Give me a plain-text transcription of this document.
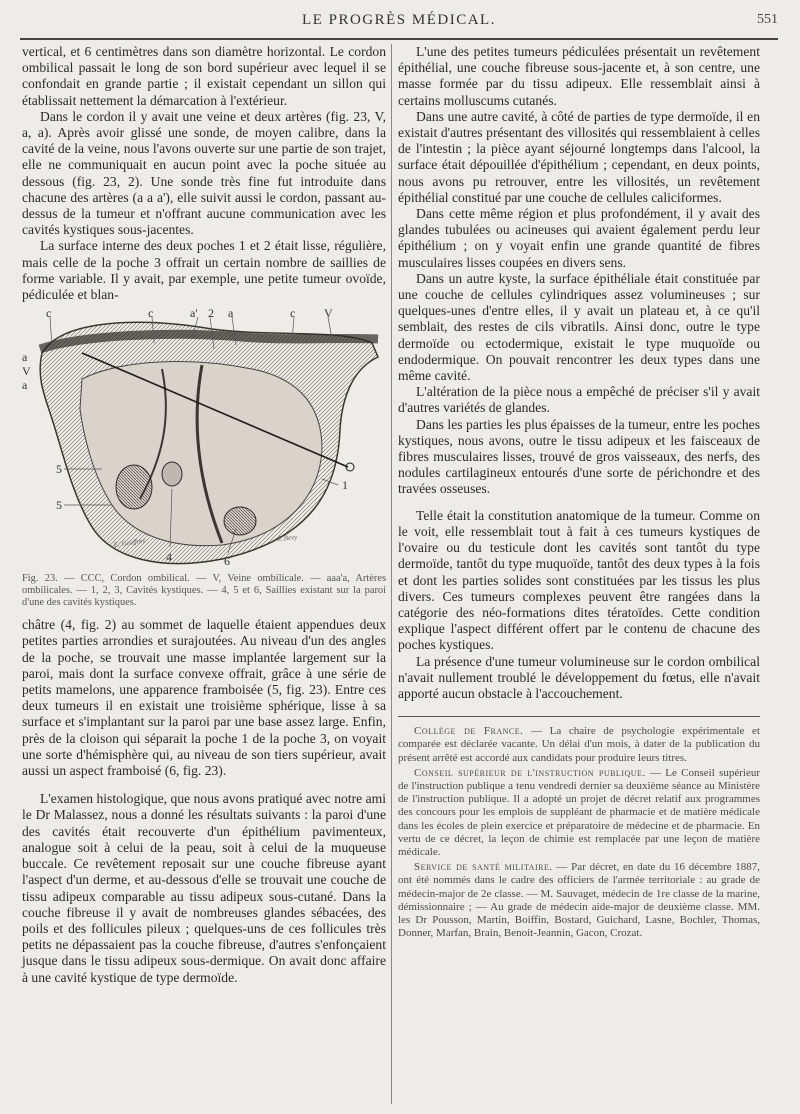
LE PROGRÈS MÉDICAL.	551

vertical, et 6 centimètres dans son diamètre horizontal. Le cordon ombilical passait le long de son bord supérieur avec lequel il se confondait en grande partie ; il existait cependant un sillon qui établissait nettement la démarcation à l'extérieur.

Dans le cordon il y avait une veine et deux artères (fig. 23, V, a, a). Après avoir glissé une sonde, de moyen calibre, dans la cavité de la veine, nous l'avons ouverte sur une partie de son trajet, elle ne communiquait en aucun point avec la poche située au dessous (fig. 23, 2). Une sonde très fine fut introduite dans chacune des artères (a a a'), elle suivit aussi le cordon, passant au-dessus de la tumeur et n'offrant aucune communication avec les cavités kystiques sous-jacentes.

La surface interne des deux poches 1 et 2 était lisse, régulière, mais celle de la poche 3 offrait un certain nombre de saillies de forme variable. Il y avait, par exemple, une petite tumeur ovoïde, pédiculée et blan-

c	c	a' 2 a	c V
a
V
a
5
5
1
4	6
E. Geoffrey	E.Bevy
Fig. 23. — CCC, Cordon ombilical. — V, Veine ombilicale. — aaa'a, Artères ombilicales. — 1, 2, 3, Cavités kystiques. — 4, 5 et 6, Saillies existant sur la paroi d'une des cavités kystiques.

châtre (4, fig. 2) au sommet de laquelle étaient appendues deux petites parties arrondies et surajoutées. Au niveau d'un des angles de la poche, se trouvait une masse implantée largement sur la paroi, mais dont la surface convexe offrait, grâce à une série de petits mamelons, une apparence framboisée (5, fig. 23). Entre ces deux tumeurs il en existait une troisième sphérique, lisse à sa surface et s'implantant sur la paroi par une base assez large. Enfin, près de la cloison qui séparait la poche 1 de la poche 3, on voyait une sorte d'hémisphère qui, au niveau de son tiers supérieur, avait aussi un aspect framboisé (6, fig. 23).

L'examen histologique, que nous avons pratiqué avec notre ami le Dr Malassez, nous a donné les résultats suivants : la paroi d'une des cavités était recouverte d'un épithélium pavimenteux, analogue soit à celui de la peau, soit à celui de la muqueuse buccale. Ce revêtement reposait sur une couche fibreuse ayant l'aspect d'un derme, et au-dessous d'elle se trouvait une couche de tissu adipeux comparable au tissu adipeux sous-cutané. Dans la couche fibreuse il y avait de nombreuses glandes sébacées, des poils et des follicules pileux ; quelques-uns de ces follicules très petits ne dépassaient pas la couche fibreuse, d'autres s'enfonçaient jusque dans le tissu adipeux sous-dermique. On avait donc affaire à une cavité kystique de type dermoïde.

L'une des petites tumeurs pédiculées présentait un revêtement épithélial, une couche fibreuse sous-jacente et, à son centre, une masse formée par du tissu adipeux. Elle ressemblait ainsi à certains molluscums cutanés.

Dans une autre cavité, à côté de parties de type dermoïde, il en existait d'autres présentant des villosités qui ressemblaient à celles de l'intestin ; la pièce ayant séjourné longtemps dans l'alcool, la surface était dépouillée d'épithélium ; cependant, en deux points, nous avons pu retrouver, entre les villosités, un revêtement épithélial constitué par une couche de cellules caliciformes.

Dans cette même région et plus profondément, il y avait des glandes tubulées ou acineuses qui avaient également perdu leur épithélium ; on y voyait enfin une grande quantité de fibres musculaires lisses coupées en divers sens.

Dans un autre kyste, la surface épithéliale était constituée par une couche de cellules cylindriques assez volumineuses ; sur quelques-unes d'entre elles, il y avait un plateau et, à ce qu'il semblait, des restes de cils vibratils. Ainsi donc, outre le type dermoïde ou ectodermique, existait le type muquoïde ou endodermique. On pouvait rencontrer les deux types dans une même cavité.

L'altération de la pièce nous a empêché de préciser s'il y avait d'autres variétés de glandes.

Dans les parties les plus épaisses de la tumeur, entre les poches kystiques, nous avons, outre le tissu adipeux et les faisceaux de fibres musculaires lisses, trouvé de gros vaisseaux, des nerfs, des nodules cartilagineux entourés d'une sorte de périchondre et des travées osseuses.

Telle était la constitution anatomique de la tumeur. Comme on le voit, elle ressemblait tout à fait à ces tumeurs kystiques de l'ovaire ou du testicule dont les cavités sont tantôt du type dermoïde, tantôt du type muquoïde, tantôt des deux types à la fois et dont les parties solides sont constituées par les tissus les plus divers. Ces tumeurs complexes peuvent être rangées dans la catégorie des néo-formations dites tératoïdes. Cette condition explique l'aspect différent offert par le contenu de chacune des poches kystiques.

La présence d'une tumeur volumineuse sur le cordon ombilical n'avait nullement troublé le développement du fœtus, elle n'avait apporté aucun obstacle à l'accouchement.

Collège de France. — La chaire de psychologie expérimentale et comparée est déclarée vacante. Un délai d'un mois, à dater de la publication du présent arrêté est accordé aux candidats pour produire leurs titres.

Conseil supérieur de l'instruction publique. — Le Conseil supérieur de l'instruction publique a tenu vendredi dernier sa deuxième séance au Ministère de l'instruction publique. Il a adopté un projet de décret relatif aux programmes des concours pour les emplois de suppléant de pharmacie et de matière médicale dans les écoles de plein exercice et préparatoire de médecine et de pharmacie. En vertu de ce décret, la leçon de chimie est remplacée par une leçon de matière médicale.

Service de santé militaire. — Par décret, en date du 16 décembre 1887, ont été nommés dans le cadre des officiers de l'armée territoriale : au grade de médecin-major de 2e classe. — M. Sauvaget, médecin de 1re classe de la marine, démissionnaire ; — Au grade de médecin aide-major de deuxième classe. MM. les Dr Pousson, Martin, Boiffin, Bostard, Guichard, Lasne, Bochler, Thomas, Donner, Marfan, Brain, Benoit-Jeannin, Gacon, Crozat.
